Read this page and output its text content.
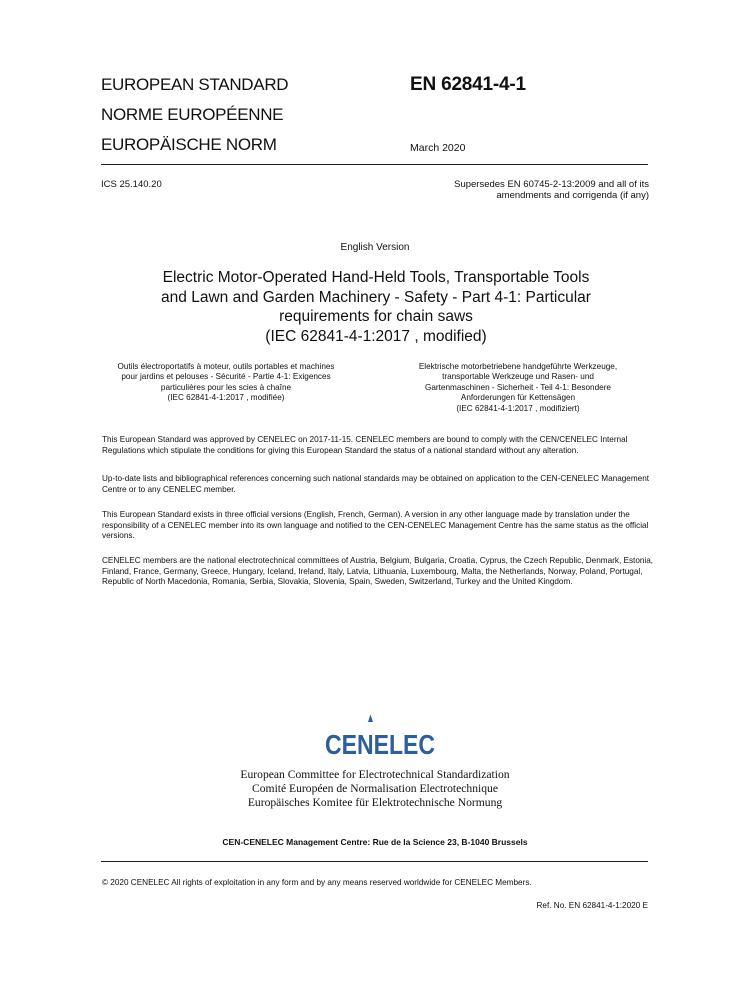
EUROPEAN STANDARD
NORME EUROPÉENNE
EUROPÄISCHE NORM
EN 62841-4-1
March 2020
ICS 25.140.20	Supersedes EN 60745-2-13:2009 and all of its
amendments and corrigenda (if any)
English Version
Electric Motor-Operated Hand-Held Tools, Transportable Tools
and Lawn and Garden Machinery - Safety - Part 4-1: Particular
requirements for chain saws
(IEC 62841-4-1:2017 , modified)
Outils électroportatifs à moteur, outils portables et machines
pour jardins et pelouses - Sécurité - Partie 4-1: Exigences
particulières pour les scies à chaîne
(IEC 62841-4-1:2017 , modifiée)
Elektrische motorbetriebene handgeführte Werkzeuge,
transportable Werkzeuge und Rasen- und
Gartenmaschinen - Sicherheit - Teil 4-1: Besondere
Anforderungen für Kettensägen
(IEC 62841-4-1:2017 , modifiziert)
This European Standard was approved by CENELEC on 2017-11-15. CENELEC members are bound to comply with the CEN/CENELEC Internal Regulations which stipulate the conditions for giving this European Standard the status of a national standard without any alteration.
Up-to-date lists and bibliographical references concerning such national standards may be obtained on application to the CEN-CENELEC Management Centre or to any CENELEC member.
This European Standard exists in three official versions (English, French, German). A version in any other language made by translation under the responsibility of a CENELEC member into its own language and notified to the CEN-CENELEC Management Centre has the same status as the official versions.
CENELEC members are the national electrotechnical committees of Austria, Belgium, Bulgaria, Croatia, Cyprus, the Czech Republic, Denmark, Estonia, Finland, France, Germany, Greece, Hungary, Iceland, Ireland, Italy, Latvia, Lithuania, Luxembourg, Malta, the Netherlands, Norway, Poland, Portugal, Republic of North Macedonia, Romania, Serbia, Slovakia, Slovenia, Spain, Sweden, Switzerland, Turkey and the United Kingdom.
CENELEC
European Committee for Electrotechnical Standardization
Comité Européen de Normalisation Electrotechnique
Europäisches Komitee für Elektrotechnische Normung
CEN-CENELEC Management Centre: Rue de la Science 23, B-1040 Brussels
© 2020 CENELEC All rights of exploitation in any form and by any means reserved worldwide for CENELEC Members.
Ref. No. EN 62841-4-1:2020 E
